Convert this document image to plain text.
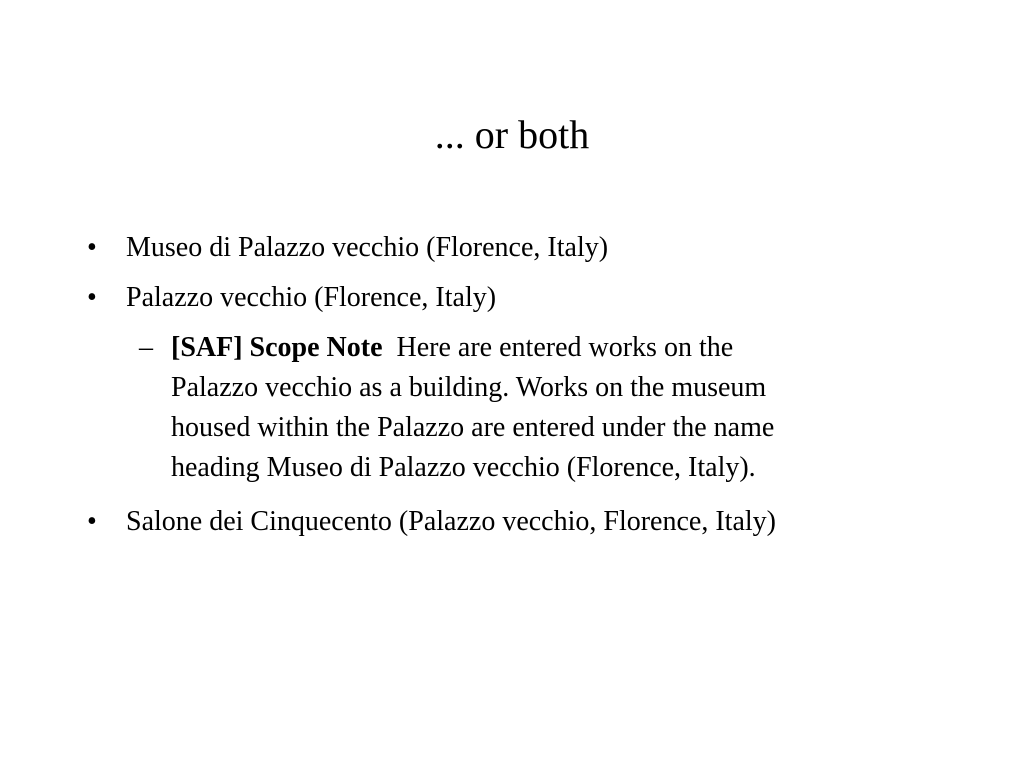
... or both
• Museo di Palazzo vecchio (Florence, Italy)
• Palazzo vecchio (Florence, Italy)
– [SAF] Scope Note Here are entered works on the
Palazzo vecchio as a building. Works on the museum
housed within the Palazzo are entered under the name
heading Museo di Palazzo vecchio (Florence, Italy).
• Salone dei Cinquecento (Palazzo vecchio, Florence, Italy)
